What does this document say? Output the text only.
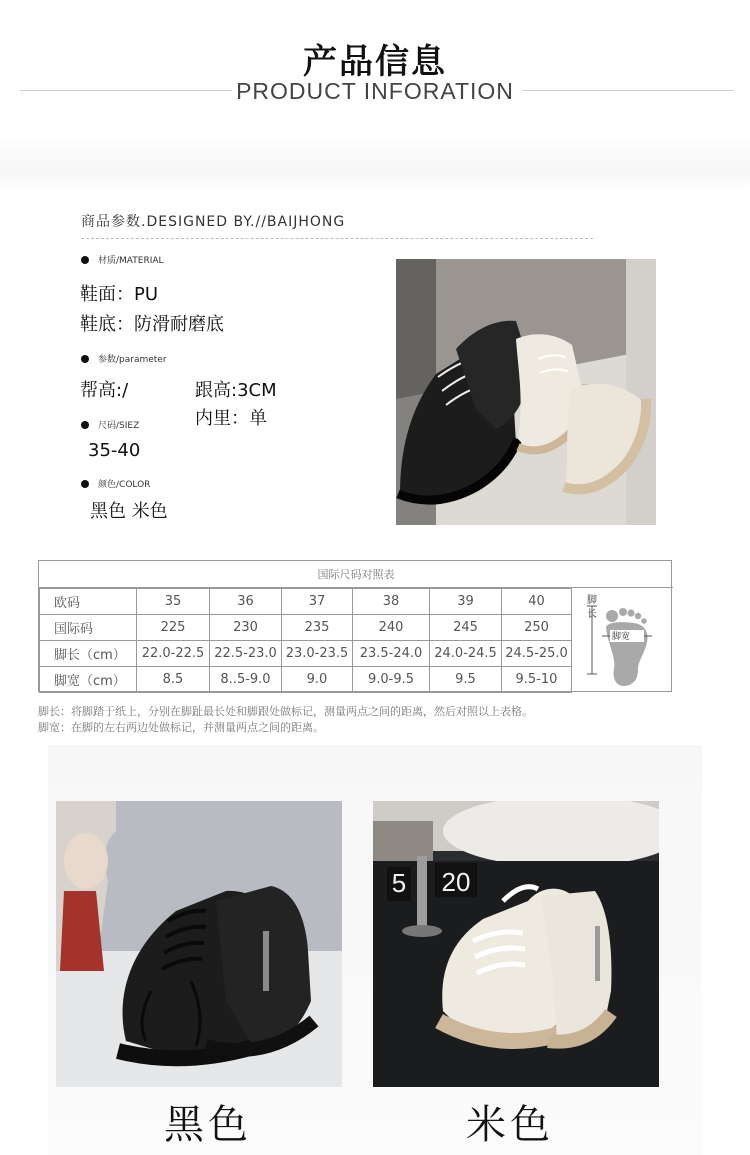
产品信息
PRODUCT INFORATION
商品参数.DESIGNED BY.//BAIJHONG
材质/MATERIAL
鞋面：PU
鞋底：防滑耐磨底
参数/parameter
帮高:/	跟高:3CM
内里：单
尺码/SIEZ
35-40
颜色/COLOR
黑色 米色
国际尺码对照表
欧码	35	36	37	38	39	40
国际码	225	230	235	240	245	250
脚长（cm）	22.0-22.5	22.5-23.0	23.0-23.5	23.5-24.0	24.0-24.5	24.5-25.0
脚宽（cm）	8.5	8..5-9.0	9.0	9.0-9.5	9.5	9.5-10
脚长
脚宽
脚长：将脚踏于纸上，分别在脚趾最长处和脚跟处做标记，测量两点之间的距离，然后对照以上表格。
脚宽：在脚的左右两边处做标记，并测量两点之间的距离。
5 20
黑色	米色
